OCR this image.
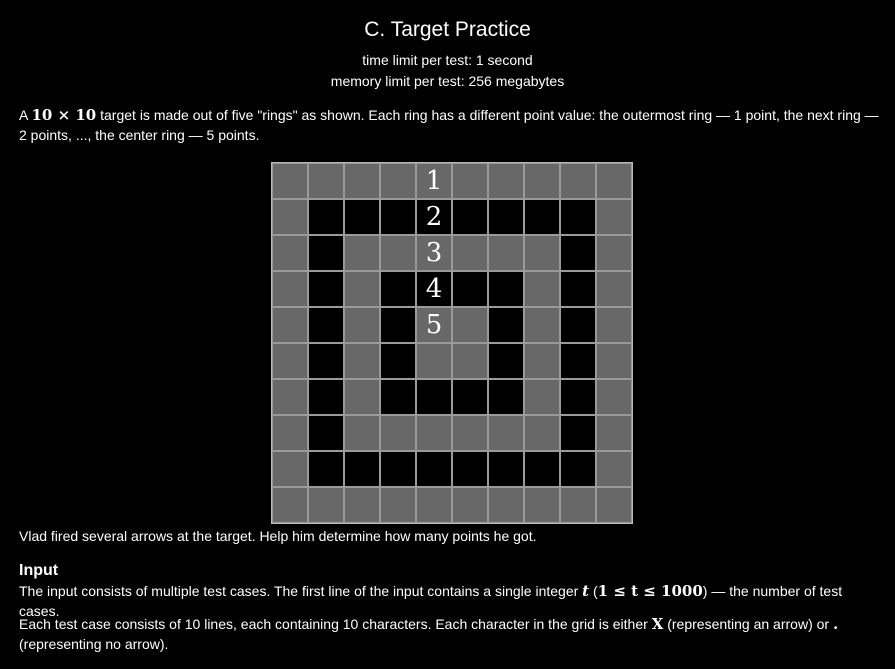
C. Target Practice
time limit per test: 1 second
memory limit per test: 256 megabytes
A 10 × 10 target is made out of five "rings" as shown. Each ring has a different point value: the outermost ring — 1 point, the next ring — 2 points, ..., the center ring — 5 points.
1
2
3
4
5
Vlad fired several arrows at the target. Help him determine how many points he got.
Input
The input consists of multiple test cases. The first line of the input contains a single integer t (1 ≤ t ≤ 1000) — the number of test cases.
Each test case consists of 10 lines, each containing 10 characters. Each character in the grid is either X (representing an arrow) or . (representing no arrow).
